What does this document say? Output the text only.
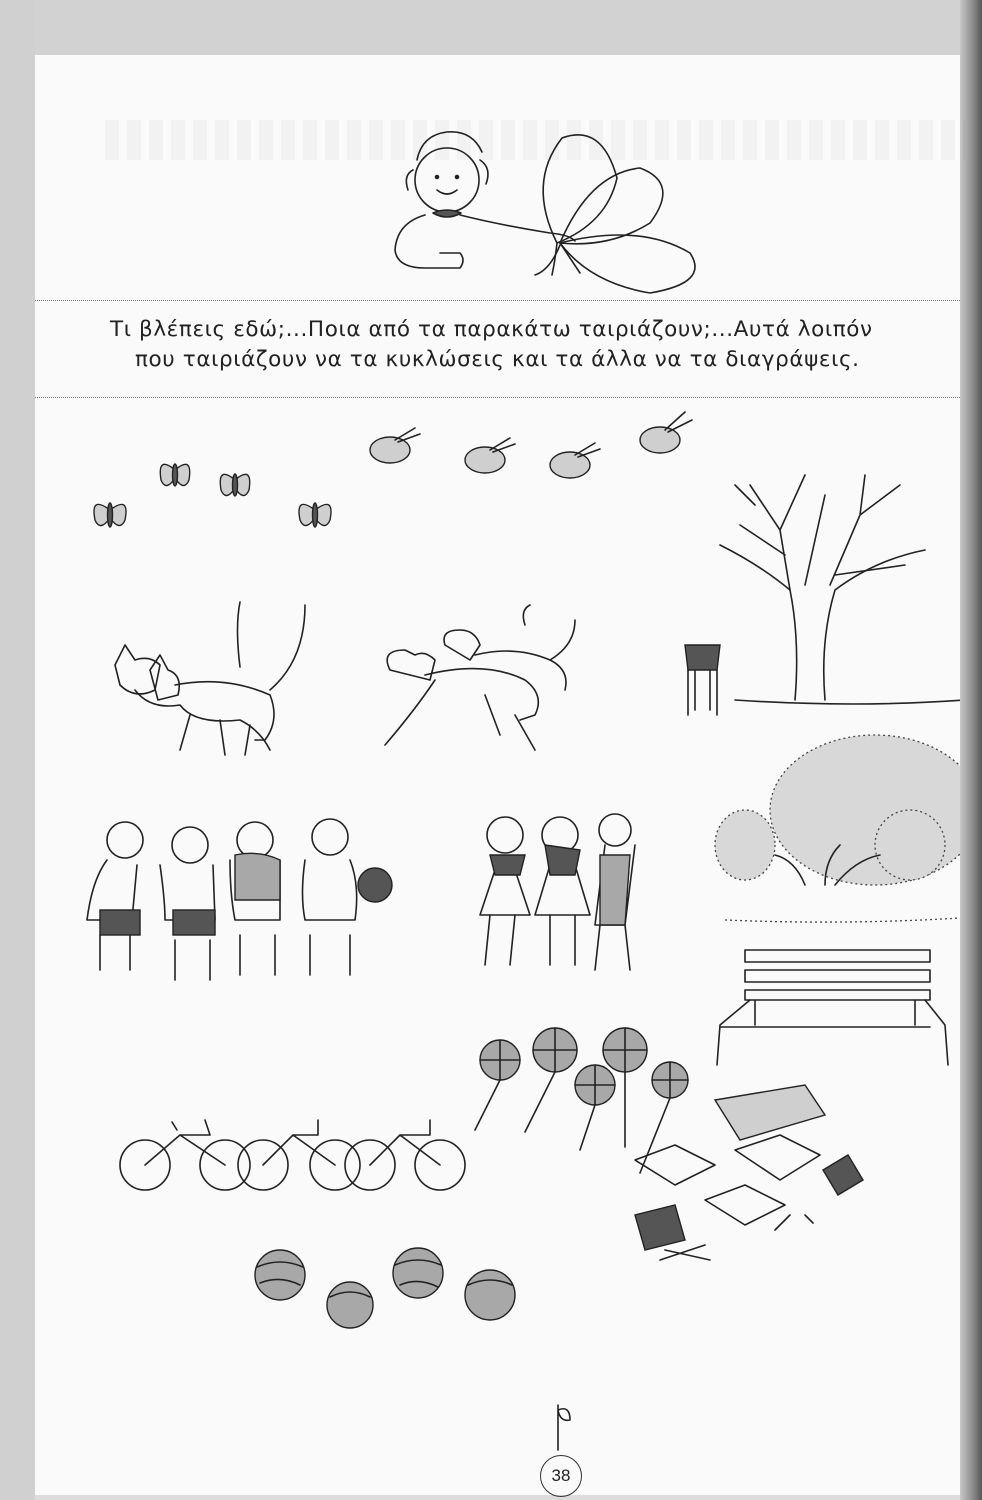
Τι βλέπεις εδώ;...Ποια από τα παρακάτω ταιριάζουν;...Αυτά λοιπόν
που ταιριάζουν να τα κυκλώσεις και τα άλλα να τα διαγράψεις.
38
